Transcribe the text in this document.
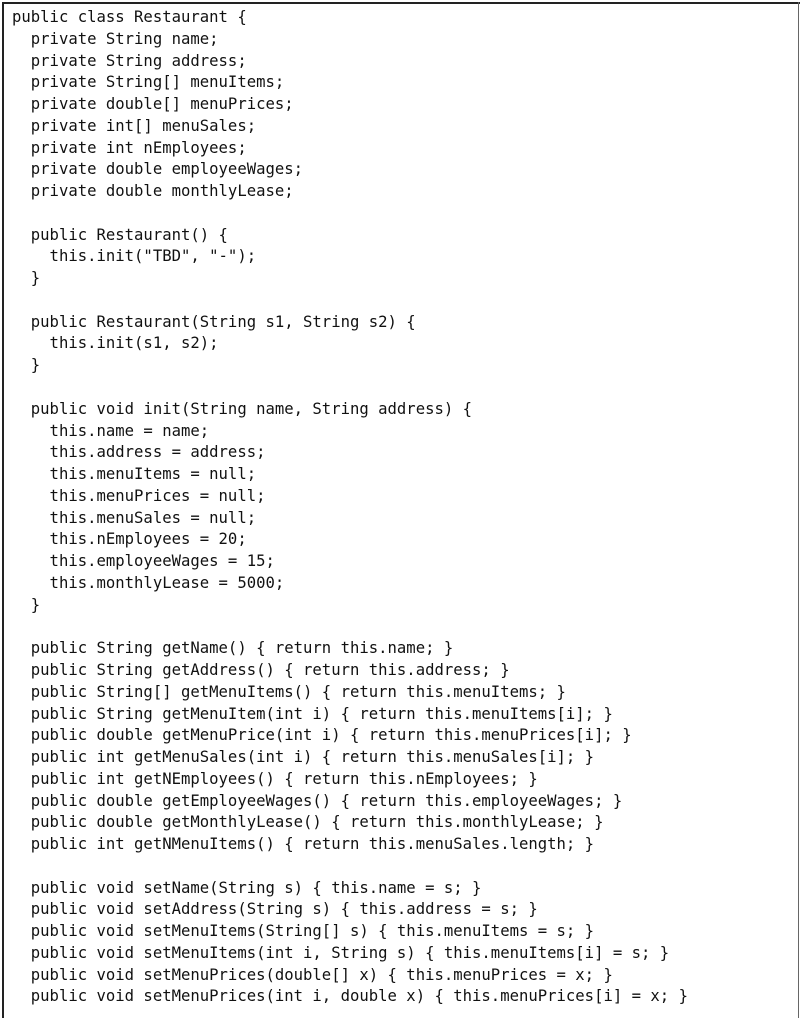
public class Restaurant {
private String name;
private String address;
private String[] menuItems;
private double[] menuPrices;
private int[] menuSales;
private int nEmployees;
private double employeeWages;
private double monthlyLease;
public Restaurant() {
this.init("TBD", "-");
}
public Restaurant(String s1, String s2) {
this.init(s1, s2);
}
public void init(String name, String address) {
this.name = name;
this.address = address;
this.menuItems = null;
this.menuPrices = null;
this.menuSales = null;
this.nEmployees = 20;
this.employeeWages = 15;
this.monthlyLease = 5000;
}
public String getName() { return this.name; }
public String getAddress() { return this.address; }
public String[] getMenuItems() { return this.menuItems; }
public String getMenuItem(int i) { return this.menuItems[i]; }
public double getMenuPrice(int i) { return this.menuPrices[i]; }
public int getMenuSales(int i) { return this.menuSales[i]; }
public int getNEmployees() { return this.nEmployees; }
public double getEmployeeWages() { return this.employeeWages; }
public double getMonthlyLease() { return this.monthlyLease; }
public int getNMenuItems() { return this.menuSales.length; }
public void setName(String s) { this.name = s; }
public void setAddress(String s) { this.address = s; }
public void setMenuItems(String[] s) { this.menuItems = s; }
public void setMenuItems(int i, String s) { this.menuItems[i] = s; }
public void setMenuPrices(double[] x) { this.menuPrices = x; }
public void setMenuPrices(int i, double x) { this.menuPrices[i] = x; }
